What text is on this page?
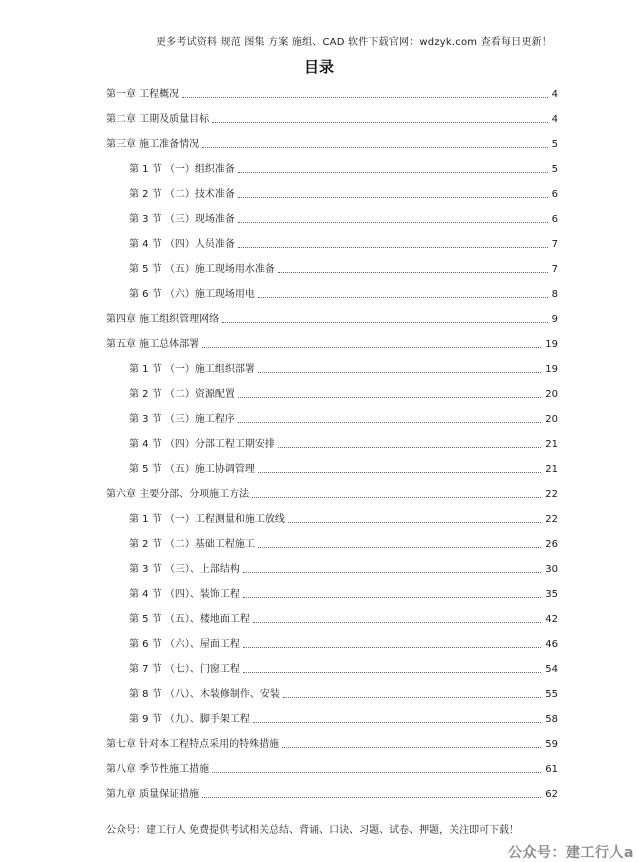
更多考试资料 规范 图集 方案 施组、CAD 软件下载官网：wdzyk.com 查看每日更新！
目录
第一章 工程概况	4
第二章 工期及质量目标	4
第三章 施工准备情况	5
第 1 节 （一）组织准备	5
第 2 节 （二）技术准备	6
第 3 节 （三）现场准备	6
第 4 节 （四）人员准备	7
第 5 节 （五）施工现场用水准备	7
第 6 节 （六）施工现场用电	8
第四章 施工组织管理网络	9
第五章 施工总体部署	19
第 1 节 （一）施工组织部署	19
第 2 节 （二）资源配置	20
第 3 节 （三）施工程序	20
第 4 节 （四）分部工程工期安排	21
第 5 节 （五）施工协调管理	21
第六章 主要分部、分项施工方法	22
第 1 节 （一）工程测量和施工放线	22
第 2 节 （二）基础工程施工	26
第 3 节 （三）、上部结构	30
第 4 节 （四）、装饰工程	35
第 5 节 （五）、楼地面工程	42
第 6 节 （六）、屋面工程	46
第 7 节 （七）、门窗工程	54
第 8 节 （八）、木装修制作、安装	55
第 9 节 （九）、脚手架工程	58
第七章 针对本工程特点采用的特殊措施	59
第八章 季节性施工措施	61
第九章 质量保证措施	62
公众号：建工行人 免费提供考试相关总结、背诵、口诀、习题、试卷、押题，关注即可下载！
公众号：建工行人a
